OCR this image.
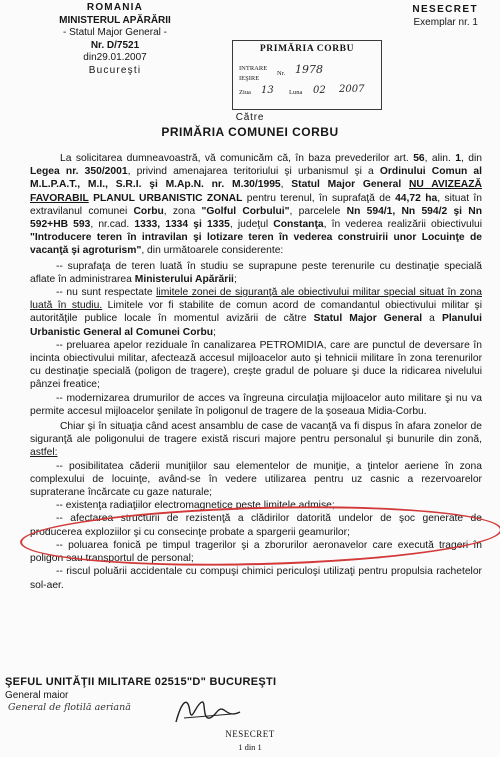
ROMANIA
MINISTERUL APĂRĂRII
- Statul Major General -
Nr. D/7521
din29.01.2007
Bucureşti
NESECRET
Exemplar nr. 1
PRIMĂRIA CORBU
INTRARE
IEŞIRE
Nr.
Ziua	Luna
1978
13	02 2007
Către
PRIMĂRIA COMUNEI CORBU

La solicitarea dumneavoastră, vă comunicăm că, în baza prevederilor art. 56, alin. 1, din Legea nr. 350/2001, privind amenajarea teritoriului şi urbanismul şi a Ordinului Comun al M.L.P.A.T., M.I., S.R.I. şi M.Ap.N. nr. M.30/1995, Statul Major General NU AVIZEAZĂ FAVORABIL PLANUL URBANISTIC ZONAL pentru terenul, în suprafaţă de 44,72 ha, situat în extravilanul comunei Corbu, zona "Golful Corbului", parcelele Nn 594/1, Nn 594/2 şi Nn 592+HB 593, nr.cad. 1333, 1334 şi 1335, judeţul Constanţa, în vederea realizării obiectivului "Introducere teren în intravilan şi lotizare teren în vederea construirii unor Locuinţe de vacanţă şi agroturism", din următoarele considerente:

-- suprafaţa de teren luată în studiu se suprapune peste terenurile cu destinaţie specială aflate în administrarea Ministerului Apărării;

-- nu sunt respectate limitele zonei de siguranţă ale obiectivului militar special situat în zona luată în studiu. Limitele vor fi stabilite de comun acord de comandantul obiectivului militar şi autorităţile publice locale în momentul avizării de către Statul Major General a Planului Urbanistic General al Comunei Corbu;

-- preluarea apelor reziduale în canalizarea PETROMIDIA, care are punctul de deversare în incinta obiectivului militar, afectează accesul mijloacelor auto şi tehnicii militare în zona terenurilor cu destinaţie specială (poligon de tragere), creşte gradul de poluare şi duce la ridicarea nivelului pânzei freatice;

-- modernizarea drumurilor de acces va îngreuna circulaţia mijloacelor auto militare şi nu va permite accesul mijloacelor şenilate în poligonul de tragere de la şoseaua Midia-Corbu.

Chiar şi în situaţia când acest ansamblu de case de vacanţă va fi dispus în afara zonelor de siguranţă ale poligonului de tragere există riscuri majore pentru personalul şi bunurile din zonă, astfel:

-- posibilitatea căderii muniţiilor sau elementelor de muniţie, a ţintelor aeriene în zona complexului de locuinţe, având-se în vedere utilizarea pentru uz casnic a rezervoarelor supraterane încărcate cu gaze naturale;

-- existenţa radiaţiilor electromagnetice peste limitele admise;

-- afectarea structurii de rezistenţă a clădirilor datorită undelor de şoc generate de producerea exploziilor şi cu consecinţe probate a spargerii geamurilor;

-- poluarea fonică pe timpul tragerilor şi a zborurilor aeronavelor care execută trageri în poligon sau transportul de personal;

-- riscul poluării accidentale cu compuşi chimici periculoşi utilizaţi pentru propulsia rachetelor sol-aer.

ŞEFUL UNITĂŢII MILITARE 02515"D" BUCUREŞTI
General maior
General de flotilă aeriană
NESECRET
1 din 1
